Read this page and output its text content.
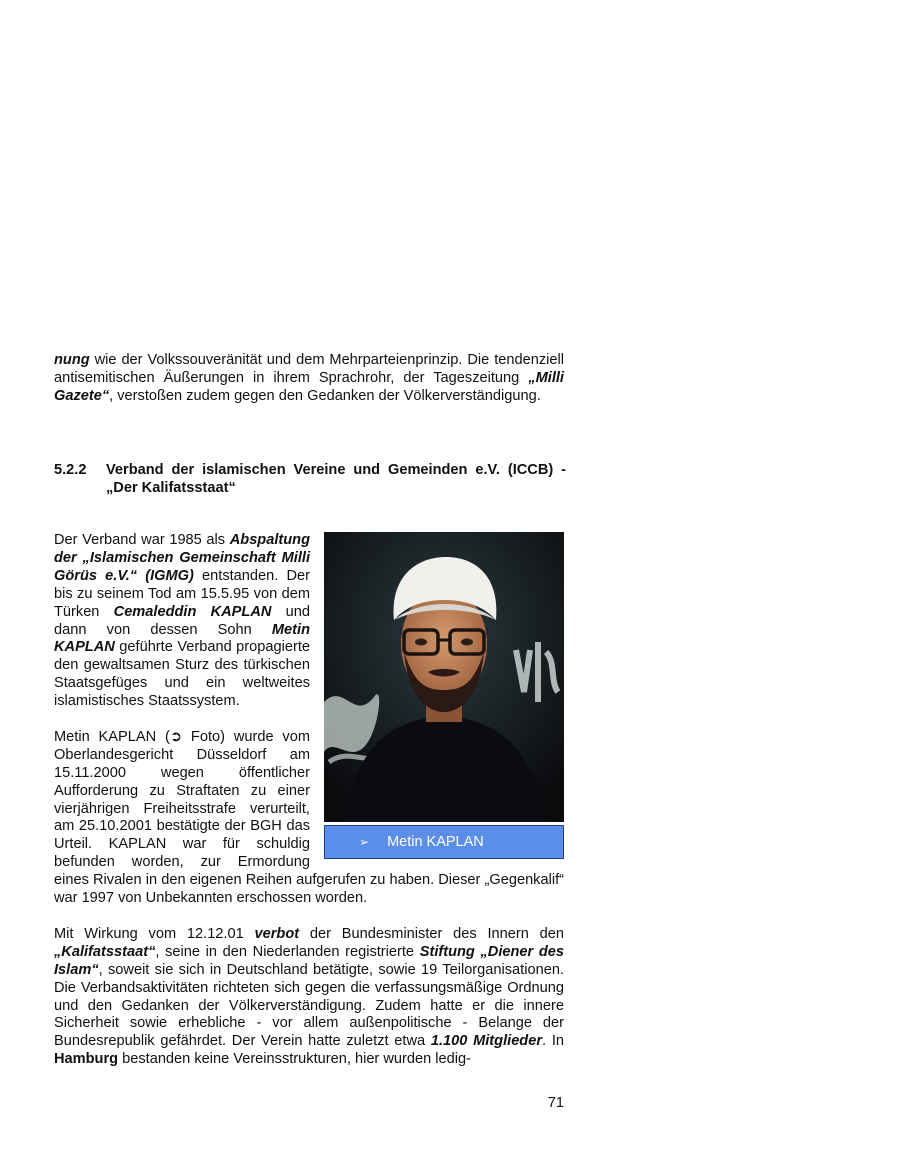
nung wie der Volkssouveränität und dem Mehrparteienprinzip. Die tendenziell antisemitischen Äußerungen in ihrem Sprachrohr, der Tageszeitung „Milli Gazete“, verstoßen zudem gegen den Gedanken der Völkerverständigung.

5.2.2 Verband der islamischen Vereine und Gemeinden e.V. (ICCB) -
„Der Kalifatsstaat“
➢ Metin KAPLAN

Der Verband war 1985 als Abspaltung der „Islamischen Gemeinschaft Milli Görüs e.V.“ (IGMG) entstanden. Der bis zu seinem Tod am 15.5.95 von dem Türken Cemaleddin KAPLAN und dann von dessen Sohn Metin KAPLAN geführte Verband propagierte den gewaltsamen Sturz des türkischen Staatsgefüges und ein weltweites islamistisches Staatssystem.

Metin KAPLAN (➲ Foto) wurde vom Oberlandesgericht Düsseldorf am 15.11.2000 wegen öffentlicher Aufforderung zu Straftaten zu einer vierjährigen Freiheitsstrafe verurteilt, am 25.10.2001 bestätigte der BGH das Urteil. KAPLAN war für schuldig befunden worden, zur Ermordung eines Rivalen in den eigenen Reihen aufgerufen zu haben. Dieser „Gegenkalif“ war 1997 von Unbekannten erschossen worden.

Mit Wirkung vom 12.12.01 verbot der Bundesminister des Innern den „Kalifatsstaat“, seine in den Niederlanden registrierte Stiftung „Diener des Islam“, soweit sie sich in Deutschland betätigte, sowie 19 Teilorganisationen. Die Verbandsaktivitäten richteten sich gegen die verfassungsmäßige Ordnung und den Gedanken der Völkerverständigung. Zudem hatte er die innere Sicherheit sowie erhebliche - vor allem außenpolitische - Belange der Bundesrepublik gefährdet. Der Verein hatte zuletzt etwa 1.100 Mitglieder. In Hamburg bestanden keine Vereinsstrukturen, hier wurden ledig-

71
